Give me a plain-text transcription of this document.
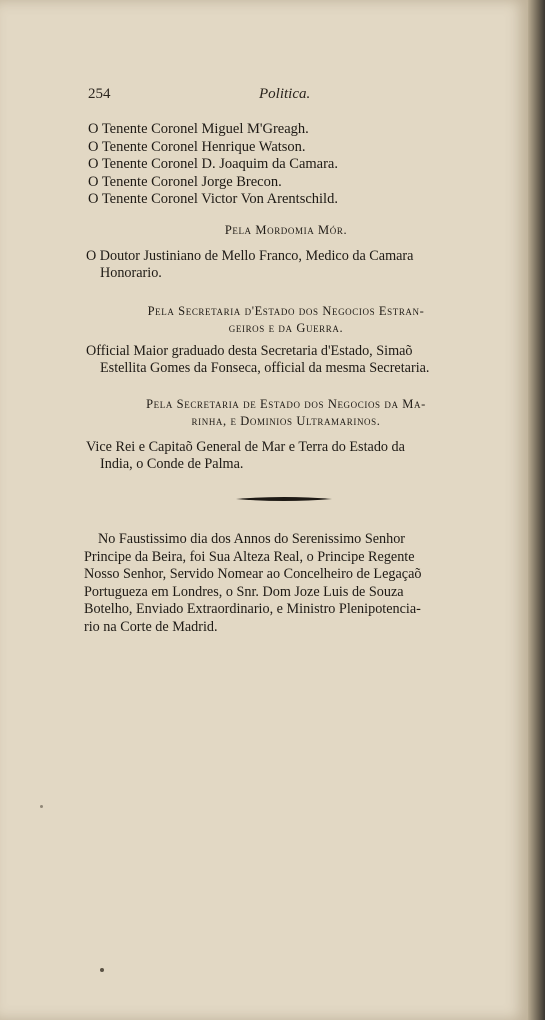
254	Politica.
O Tenente Coronel Miguel M'Greagh.
O Tenente Coronel Henrique Watson.
O Tenente Coronel D. Joaquim da Camara.
O Tenente Coronel Jorge Brecon.
O Tenente Coronel Victor Von Arentschild.
Pela Mordomia Mór.
O Doutor Justiniano de Mello Franco, Medico da Camara
Honorario.
Pela Secretaria d'Estado dos Negocios Estran-
geiros e da Guerra.
Official Maior graduado desta Secretaria d'Estado, Simaõ
Estellita Gomes da Fonseca, official da mesma Secretaria.
Pela Secretaria de Estado dos Negocios da Ma-
rinha, e Dominios Ultramarinos.
Vice Rei e Capitaõ General de Mar e Terra do Estado da
India, o Conde de Palma.
No Faustissimo dia dos Annos do Serenissimo Senhor
Principe da Beira, foi Sua Alteza Real, o Principe Regente
Nosso Senhor, Servido Nomear ao Concelheiro de Legaçaõ
Portugueza em Londres, o Snr. Dom Joze Luis de Souza
Botelho, Enviado Extraordinario, e Ministro Plenipotencia-
rio na Corte de Madrid.
